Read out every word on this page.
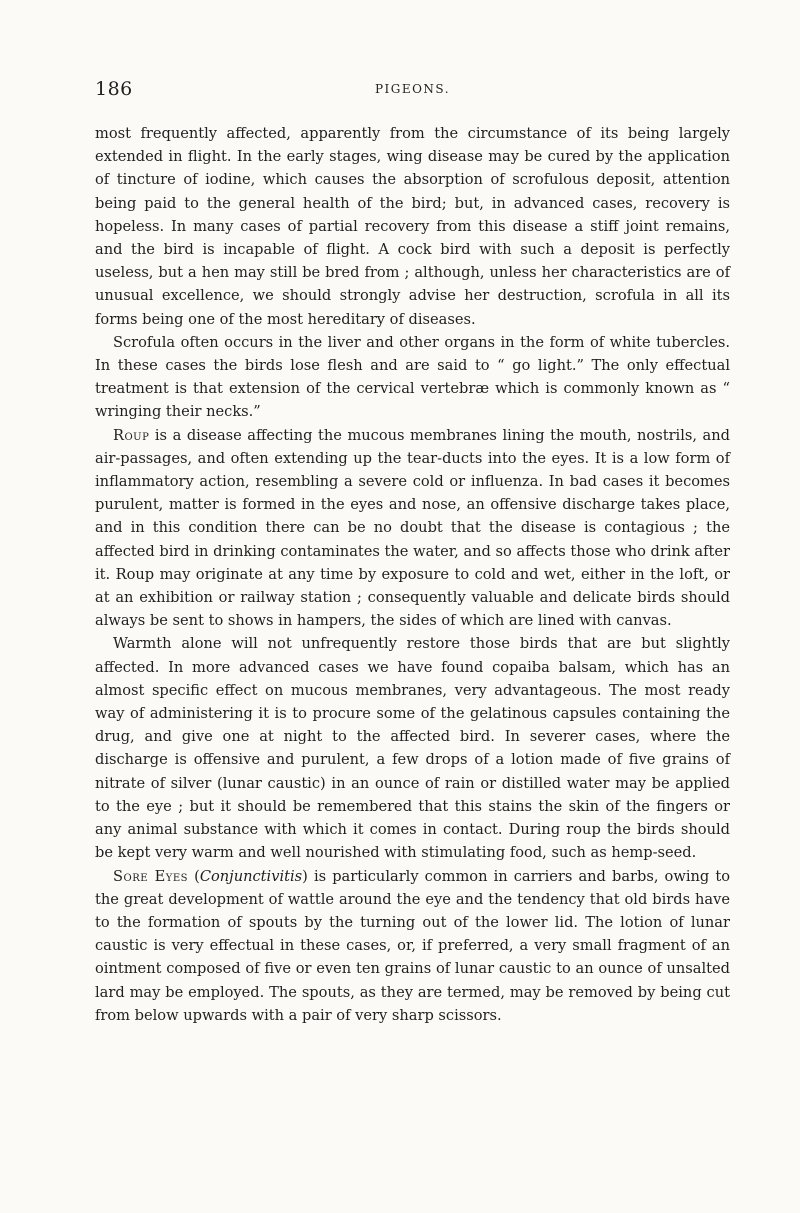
186	PIGEONS.

most frequently affected, apparently from the circumstance of its being largely extended in flight. In the early stages, wing disease may be cured by the application of tincture of iodine, which causes the absorption of scrofulous deposit, attention being paid to the general health of the bird; but, in advanced cases, recovery is hopeless. In many cases of partial recovery from this disease a stiff joint remains, and the bird is incapable of flight. A cock bird with such a deposit is perfectly useless, but a hen may still be bred from ; although, unless her characteristics are of unusual excellence, we should strongly advise her destruction, scrofula in all its forms being one of the most hereditary of diseases.

Scrofula often occurs in the liver and other organs in the form of white tubercles. In these cases the birds lose flesh and are said to “ go light.” The only effectual treatment is that extension of the cervical vertebræ which is commonly known as “ wringing their necks.”

Roup is a disease affecting the mucous membranes lining the mouth, nostrils, and air-passages, and often extending up the tear-ducts into the eyes. It is a low form of inflammatory action, resembling a severe cold or influenza. In bad cases it becomes purulent, matter is formed in the eyes and nose, an offensive discharge takes place, and in this condition there can be no doubt that the disease is contagious ; the affected bird in drinking contaminates the water, and so affects those who drink after it. Roup may originate at any time by exposure to cold and wet, either in the loft, or at an exhibition or railway station ; consequently valuable and delicate birds should always be sent to shows in hampers, the sides of which are lined with canvas.

Warmth alone will not unfrequently restore those birds that are but slightly affected. In more advanced cases we have found copaiba balsam, which has an almost specific effect on mucous membranes, very advantageous. The most ready way of administering it is to procure some of the gelatinous capsules containing the drug, and give one at night to the affected bird. In severer cases, where the discharge is offensive and purulent, a few drops of a lotion made of five grains of nitrate of silver (lunar caustic) in an ounce of rain or distilled water may be applied to the eye ; but it should be remembered that this stains the skin of the fingers or any animal substance with which it comes in contact. During roup the birds should be kept very warm and well nourished with stimulating food, such as hemp-seed.

Sore Eyes (Conjunctivitis) is particularly common in carriers and barbs, owing to the great development of wattle around the eye and the tendency that old birds have to the formation of spouts by the turning out of the lower lid. The lotion of lunar caustic is very effectual in these cases, or, if preferred, a very small fragment of an ointment composed of five or even ten grains of lunar caustic to an ounce of unsalted lard may be employed. The spouts, as they are termed, may be removed by being cut from below upwards with a pair of very sharp scissors.
